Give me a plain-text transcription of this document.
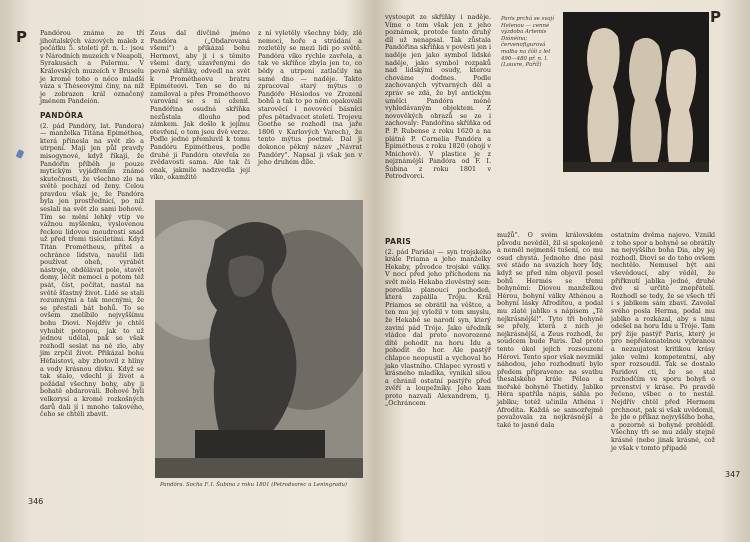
P Pandórou známe ze tří jihoitalských vázových maleb z počátku 5. století př. n. l.: jsou v Národních muzeích v Neapoli, Syrakusách a Palermu. V Královských muzeích v Bruselu je kromě toho o něco mladší váza s Théseovými činy, na níž je zobrazen král označený jménem Pandeión.

PANDÓRA

(2. pád Pandóry, lat. Pandora) — manželka Titána Epiméthea, která přinesla na svět zlo a utrpení. Mají jen půl pravdy misogynové, když říkají, že Pandóřin příběh je pouze mytickým vyjádřením známé skutečnosti, že všechno zlo na světě pochází od ženy. Celou pravdou však je, že Pandóra byla jen prostřednicí, po níž seslali na svět zlo sami bohové. Tím se mění lehký vtip ve vážnou myšlenku, vyslovenou řeckou lidovou moudrostí snad už před třemi tisíciletími. Když Titán Prométheus, přítel a ochránce lidstva, naučil lidi používat oheň, vyrábět nástroje, obdělávat pole, stavět domy, léčit nemoci a potom též psát, číst, počítat, nastal na světě šťastný život. Lidé se stali rozumnými a tak mocnými, že se přestali bát bohů. To se ovšem znelíbilo nejvyššímu bohu Diovi. Nejdřív je chtěl vyhubit potopou, jak to už jednou udělal, pak se však rozhodl seslat na ně zlo, aby jim zrpčil život. Přikázal bohu Héfaistovi, aby zhotovil z hlíny a vody krásnou dívku. Když se tak stalo, vdechl jí život a požádal všechny bohy, aby ji bohatě obdarovali. Bohové byli velkorysí a kromě rozkošných darů dali jí i mnoho takového, čeho se chtěli zbavit.

Zeus dal dívčině jméno Pandóra („Obdarovaná všemi") a přikázal bohu Hermovi, aby ji i s těmito všemi dary, uzavřenými do pevně skříňky, odvedl na svět k Prométheovu bratru Epiméteovi. Ten se do ní zamiloval a přes Prométheovo varování se s ní oženil. Pandóřina osudná skříňka nezůstala dlouho pod zámkem. Jak došlo k jejímu otevření, o tom jsou dvě verze. Podle jedné přemluvil k tomu Pandóru Epimétheus, podle druhé ji Pandóra otevřela ze zvědavosti sama. Ale tak či onak, jakmile nadzvedla její víko, okamžitě

z ní vyletěly všechny bídy, zlé nemoci, hoře a strádání a rozletěly se mezi lidi po světě. Pandóra víko rychle zavřela, a tak ve skříňce zbyla jen to, co bědy a utrpení zatlačily na samé dno — naděje. Takto zpracoval starý mýtus o Pandóře Hésiodos ve Zrození bohů a tak to po něm opakovali starověcí i novověcí básníci přes pětadvacet století. Trojevu Goethe se rozhodl (na jaře 1806 v Karlových Varech), že tento mýtus poetmě. Dal ji dokonce pěkný název „Návrat Pandóry". Napsal ji však jen v jeho druhém díle.

Pandóra. Socha F. I. Šubina z roku 1801 (Petrodvorec u Leningradu)
346
P

vystoupit ze skříňky i naděje. Víme o tom však jen z jeho poznámek, protože tento druhý díl už nenapsal. Tak zůstala Pandóřina skříňka v pověsti jen i naděje jen jako symbol lidské naděje, jako symbol rozpaků nad lidskými osudy, kterou chováme dodnes. Podle zachovaných výtvarných děl a zpráv se zdá, že byl antickým umělci Pandóra méně vyhledávaným objektem. Z novověkých obrazů se ze i zachovaly: Pandóřina skříňka od P. P. Rubense z roku 1620 a na plátně P. Cornelia Pandóra a Epimétheus z roku 1820 (obojí v Mnichově). V plastice je z nejznámější Pandóra od F. I. Šubina z roku 1801 v Petrodvorci.

Paris prchá se svojí Helenou — cenné výzdoba Artemis Diónéina; červenofigurová malba na číši z let 490—480 př. n. l. (Louvre, Paříž)
PARIS

(2. pád Parida) — syn trojského krále Priama a jeho manželky Hekaby, původce trojské války. V noci před jeho příchodem na svět měla Hekaba zlověstný sen: porodila planoucí pochodeň, která zapálila Tróju. Král Priamos se obrátil na věštce, a ten mu jej vyložil v tom smyslu, že Hekabě se narodí syn, který zaviní pád Tróje. Jako úředník vládce dal proto novorozené dítě pohodit na horu Ídu a pohodit do hor. Ale pastýř chlapce neopustil a vychoval ho jako vlastního. Chlapec vyrostl v krásného mladíka, vynikal silou a chránil ostatní pastýře před zvěří a loupežníky. Jeho kam proto nazvali Alexandrem, tj. „Ochráncem

mužů". O svém královském původu nevěděl, žil si spokojeně a neměl nejmenší tušení, co mu osud chystá. Jednoho dne pásl své stádo na svazích hory Ídy, když se před ním objevil posel bohů Hermés se třemi bohyněmi: Diovou manželkou Hérou, bohyní války Athénou a bohyní lásky Afrodítou, a podal mu zlaté jablko s nápisem „Té nejkrásnější!". Tyto tři bohyně se přely, která z nich je nejkrásnější, a Zeus rozhodl, že soudcem bude Paris. Dal proto tento úkol jejich rozsouzení Hérovi. Tento spor však nevznikl náhodou, jeho rozhodnutí bylo předem připraveno: na svatbu thesalského krále Pélea a mořské bohyně Thetidy. Jablko Héra spatřila nápis, sáhla po jablku; totéž učinila Athéna i Afrodíta. Každá se samozřejmě považovala za nejkrásnější a také to jasně dala

ostatním dvěma najevo. Vznikl z toho spor a bohyně se obrátily na nejvyššího boha Dia, aby jej rozhodl. Dioví se do toho ovšem nechtělo. Nemusel být ani vševědoucí, aby věděl, že přiřknutí jablka jedné, druhé dvě si určitě znepřátelí. Rozhodl se tedy, že se všech tří i s jablkem sám zbaví. Zavolal svého posla Herma, podal mu jablko a rozkázal, aby s nimi odešel na horu Ídu u Tróje. Tam prý žije pastýř Paris, který je pro nepřekonatelnou vybranou a nezaujatost kritikou krásy jako velmi kompetentní, aby spor rozsoudil. Tak se dostalo Paridovi cti, že se stal rozhodčím ve sporu bohyň o prvenství v kráse. Po pravdě řečeno, všbec o to nestál. Nejdřív chtěl před Hermem prchnout, pak si však uvědomil, že jde o příkaz nejvyššího boha, a pozorně si bohyně prohlédl. Všechny tři se mu zdály stejně krásné (nebo jinak krásné, což je však v tomto případě

347
